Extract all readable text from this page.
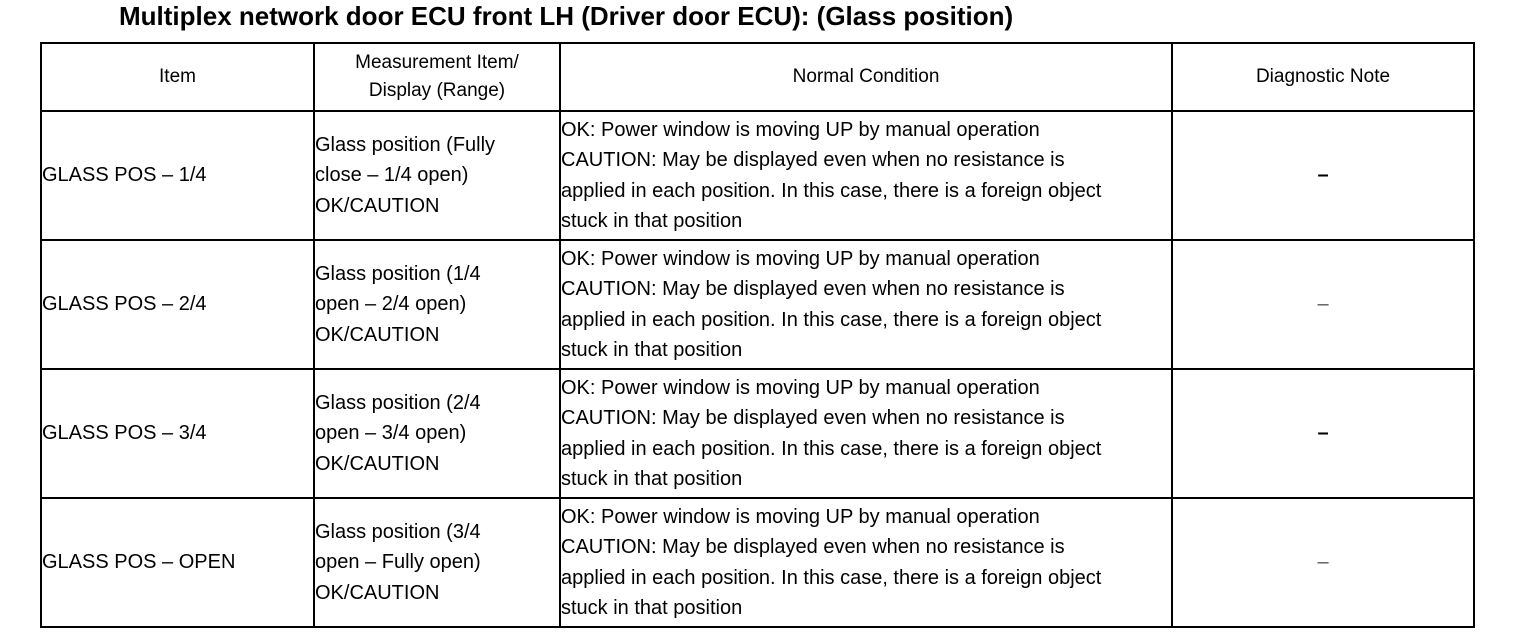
Multiplex network door ECU front LH (Driver door ECU): (Glass position)
Item	Measurement Item/
Display (Range)	Normal Condition	Diagnostic Note
GLASS POS – 1/4	Glass position (Fully
close – 1/4 open)
OK/CAUTION	OK: Power window is moving UP by manual operation
CAUTION: May be displayed even when no resistance is
applied in each position. In this case, there is a foreign object
stuck in that position	–
GLASS POS – 2/4	Glass position (1/4
open – 2/4 open)
OK/CAUTION	OK: Power window is moving UP by manual operation
CAUTION: May be displayed even when no resistance is
applied in each position. In this case, there is a foreign object
stuck in that position	–
GLASS POS – 3/4	Glass position (2/4
open – 3/4 open)
OK/CAUTION	OK: Power window is moving UP by manual operation
CAUTION: May be displayed even when no resistance is
applied in each position. In this case, there is a foreign object
stuck in that position	–
GLASS POS – OPEN	Glass position (3/4
open – Fully open)
OK/CAUTION	OK: Power window is moving UP by manual operation
CAUTION: May be displayed even when no resistance is
applied in each position. In this case, there is a foreign object
stuck in that position	–
